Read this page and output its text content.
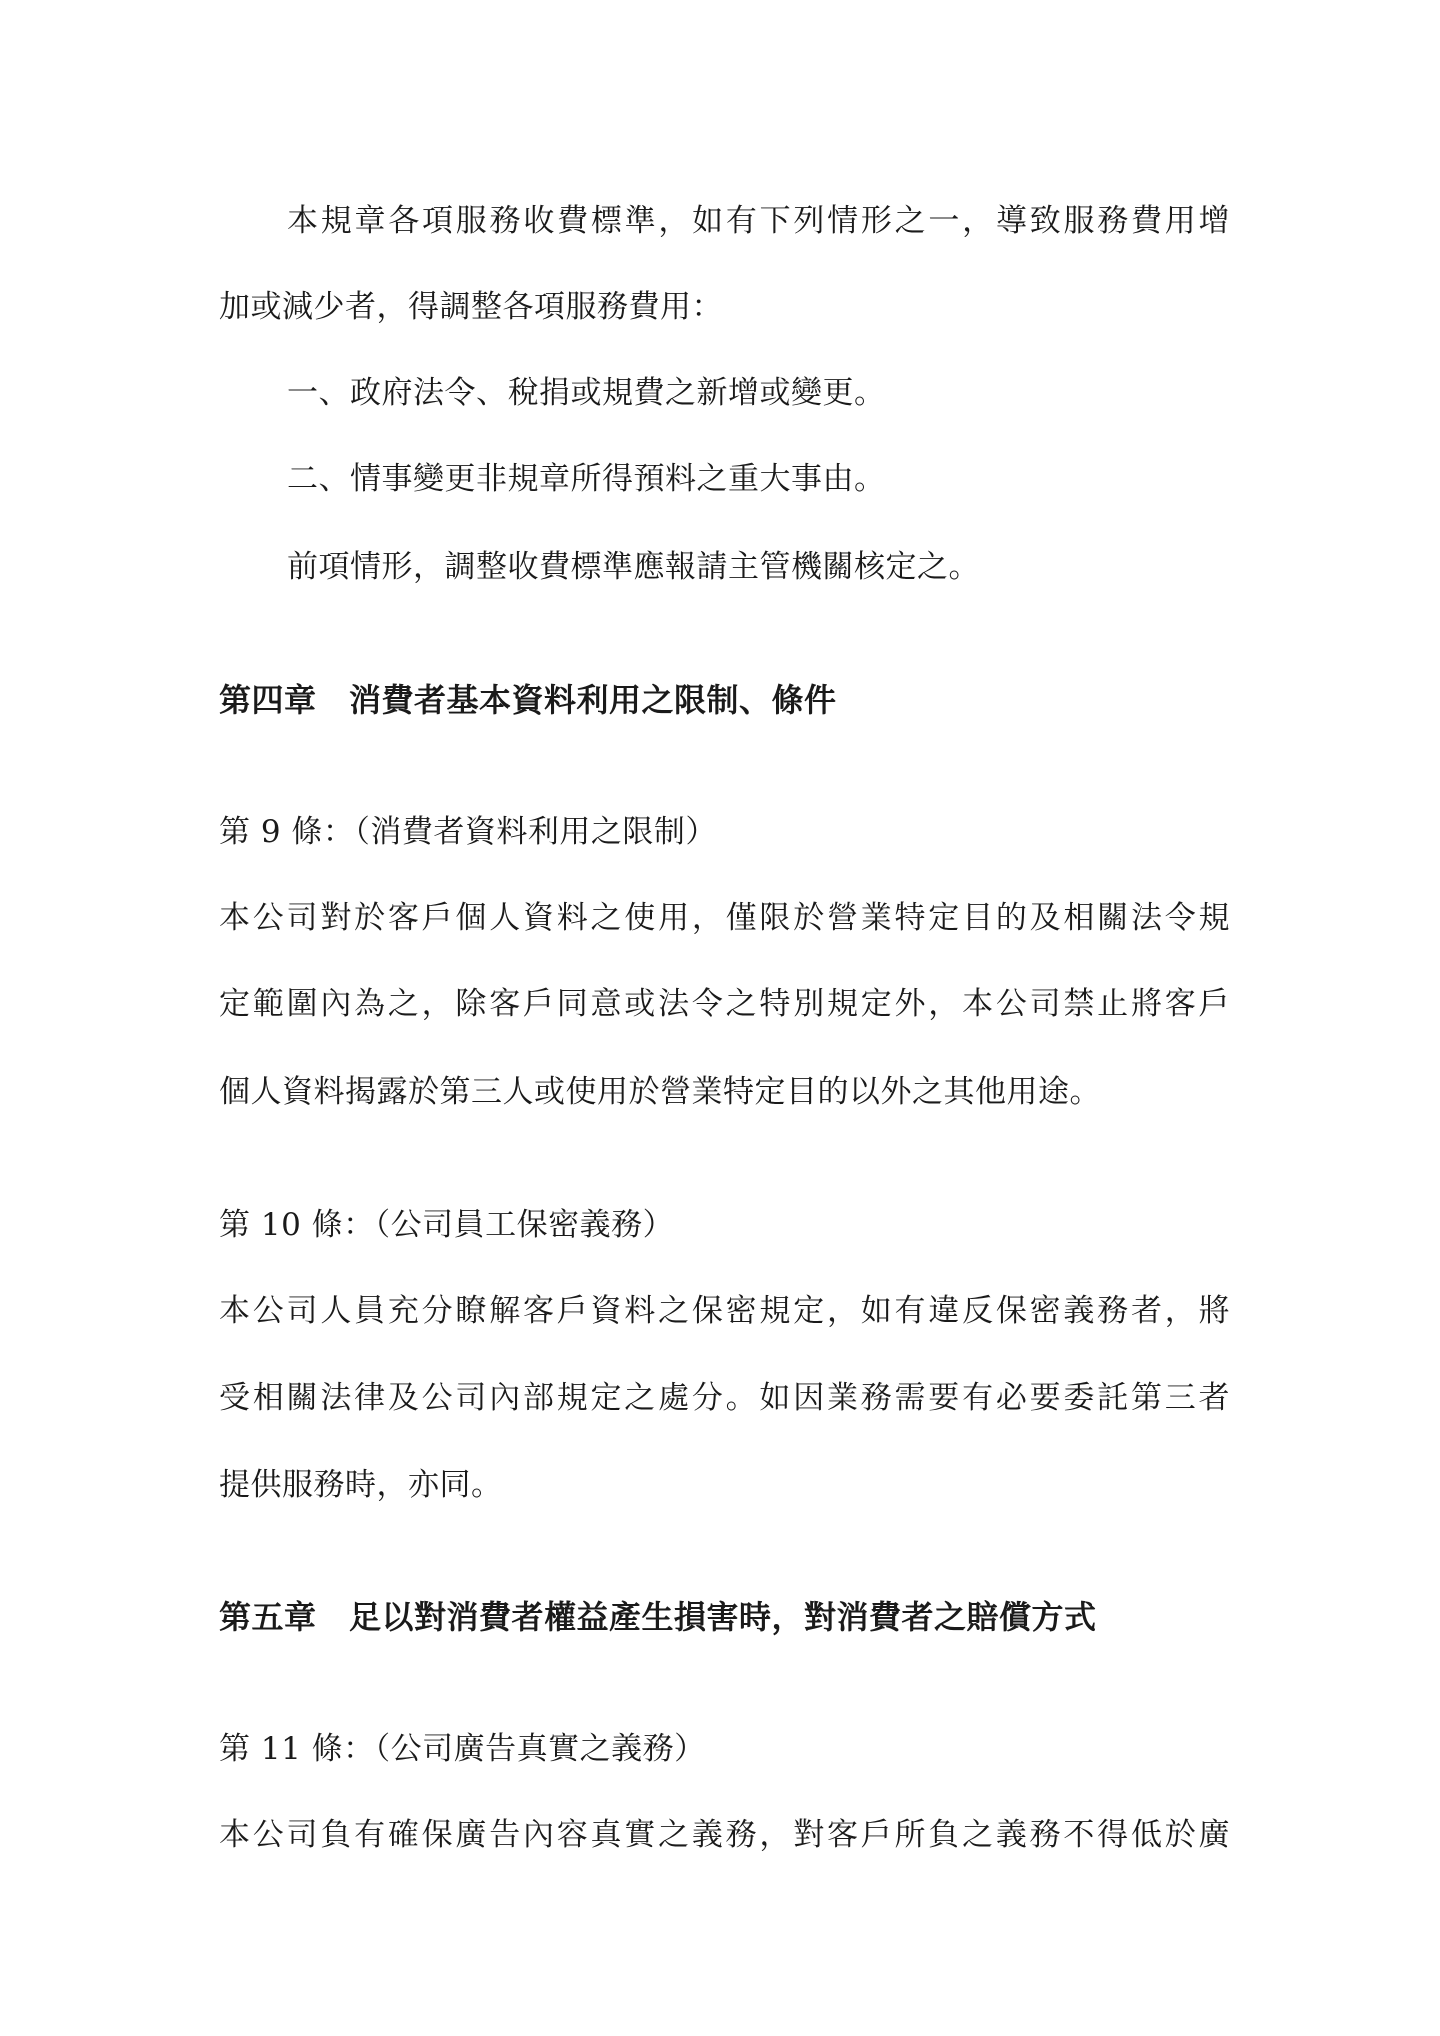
本規章各項服務收費標準，如有下列情形之一，導致服務費用增
加或減少者，得調整各項服務費用：
一、政府法令、稅捐或規費之新增或變更。
二、情事變更非規章所得預料之重大事由。
前項情形，調整收費標準應報請主管機關核定之。
第四章　消費者基本資料利用之限制、條件
第 9 條：（消費者資料利用之限制）
本公司對於客戶個人資料之使用，僅限於營業特定目的及相關法令規
定範圍內為之，除客戶同意或法令之特別規定外，本公司禁止將客戶
個人資料揭露於第三人或使用於營業特定目的以外之其他用途。
第 10 條：（公司員工保密義務）
本公司人員充分瞭解客戶資料之保密規定，如有違反保密義務者，將
受相關法律及公司內部規定之處分。如因業務需要有必要委託第三者
提供服務時，亦同。
第五章　足以對消費者權益產生損害時，對消費者之賠償方式
第 11 條：（公司廣告真實之義務）
本公司負有確保廣告內容真實之義務，對客戶所負之義務不得低於廣
